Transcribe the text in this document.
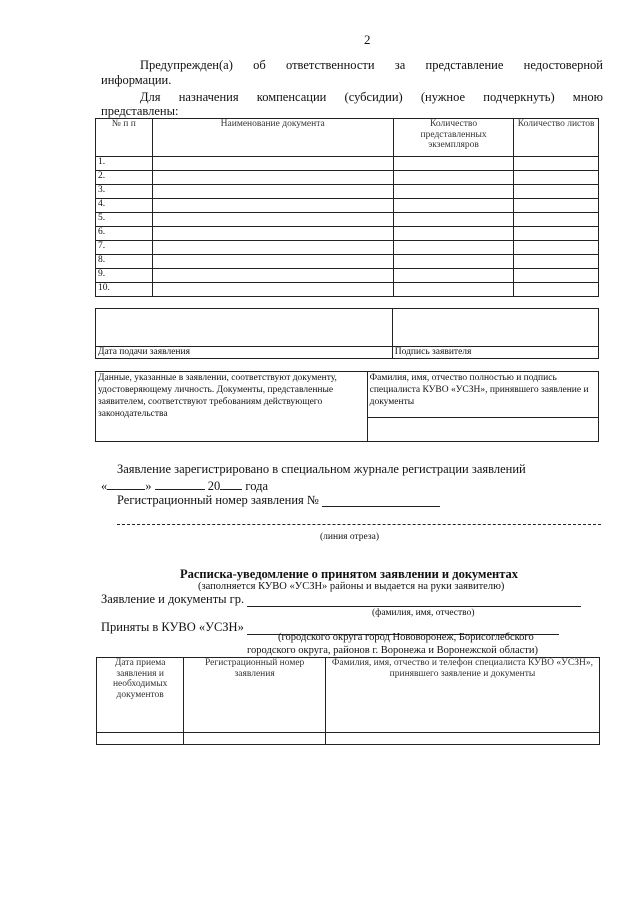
2
Предупрежден(а) об ответственности за представление недостоверной
информации.
Для назначения компенсации (субсидии) (нужное подчеркнуть) мною
представлены:
№ п п	Наименование документа	Количество представленных экземпляров	Количество листов
1.			
2.			
3.			
4.			
5.			
6.			
7.			
8.			
9.			
10.			

Дата подачи заявления	Подпись заявителя
Данные, указанные в заявлении, соответствуют документу, удостоверяющему личность. Документы, представленные заявителем, соответствуют требованиям действующего законодательства	Фамилия, имя, отчество полностью и подпись специалиста КУВО «УСЗН», принявшего заявление и документы

Заявление зарегистрировано в специальном журнале регистрации заявлений
«	»	20 года
Регистрационный номер заявления №
(линия отреза)
Расписка-уведомление о принятом заявлении и документах
(заполняется КУВО «УСЗН» районы и выдается на руки заявителю)
Заявление и документы гр.
(фамилия, имя, отчество)
Приняты в КУВО «УСЗН»
(городского округа город Нововоронеж, Борисоглебского
городского округа, районов г. Воронежа и Воронежской области)
Дата приема заявления и необходимых документов	Регистрационный номер заявления	Фамилия, имя, отчество и телефон специалиста КУВО «УСЗН», принявшего заявление и документы
